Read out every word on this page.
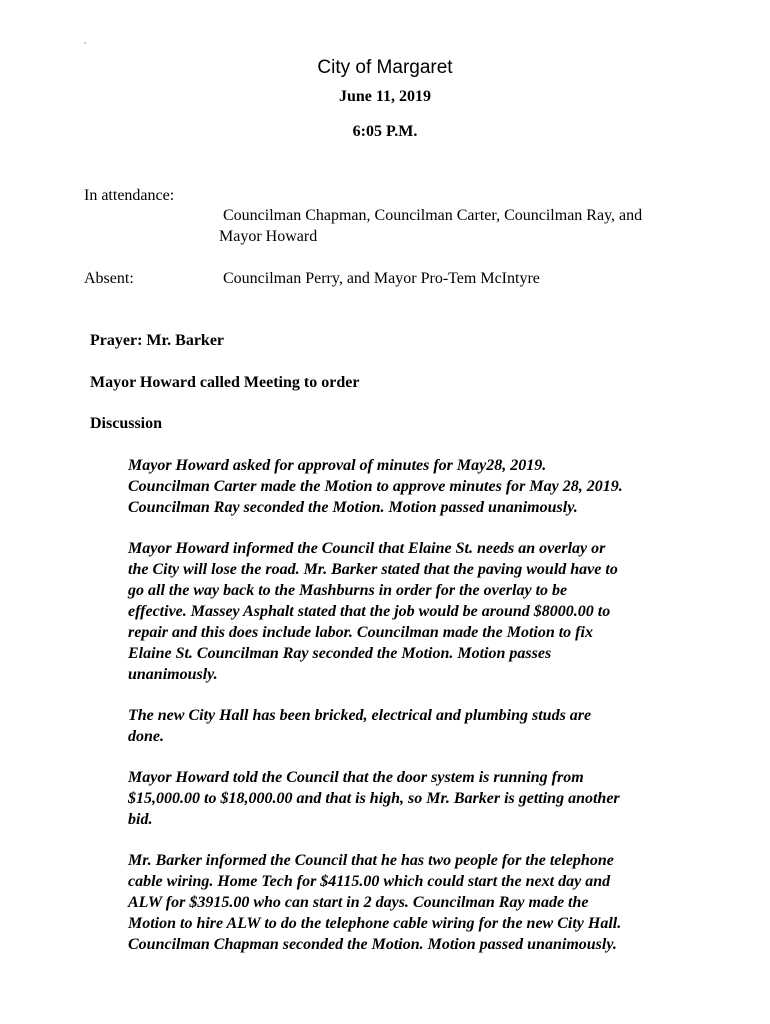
City of Margaret
June 11, 2019
6:05 P.M.
In attendance:
Councilman Chapman, Councilman Carter, Councilman Ray, and
Mayor Howard
Absent:	Councilman Perry, and Mayor Pro-Tem McIntyre
Prayer: Mr. Barker
Mayor Howard called Meeting to order
Discussion
Mayor Howard asked for approval of minutes for May28, 2019.
Councilman Carter made the Motion to approve minutes for May 28, 2019.
Councilman Ray seconded the Motion. Motion passed unanimously.
Mayor Howard informed the Council that Elaine St. needs an overlay or
the City will lose the road. Mr. Barker stated that the paving would have to
go all the way back to the Mashburns in order for the overlay to be
effective. Massey Asphalt stated that the job would be around $8000.00 to
repair and this does include labor. Councilman made the Motion to fix
Elaine St. Councilman Ray seconded the Motion. Motion passes
unanimously.
The new City Hall has been bricked, electrical and plumbing studs are
done.
Mayor Howard told the Council that the door system is running from
$15,000.00 to $18,000.00 and that is high, so Mr. Barker is getting another
bid.
Mr. Barker informed the Council that he has two people for the telephone
cable wiring. Home Tech for $4115.00 which could start the next day and
ALW for $3915.00 who can start in 2 days. Councilman Ray made the
Motion to hire ALW to do the telephone cable wiring for the new City Hall.
Councilman Chapman seconded the Motion. Motion passed unanimously.
